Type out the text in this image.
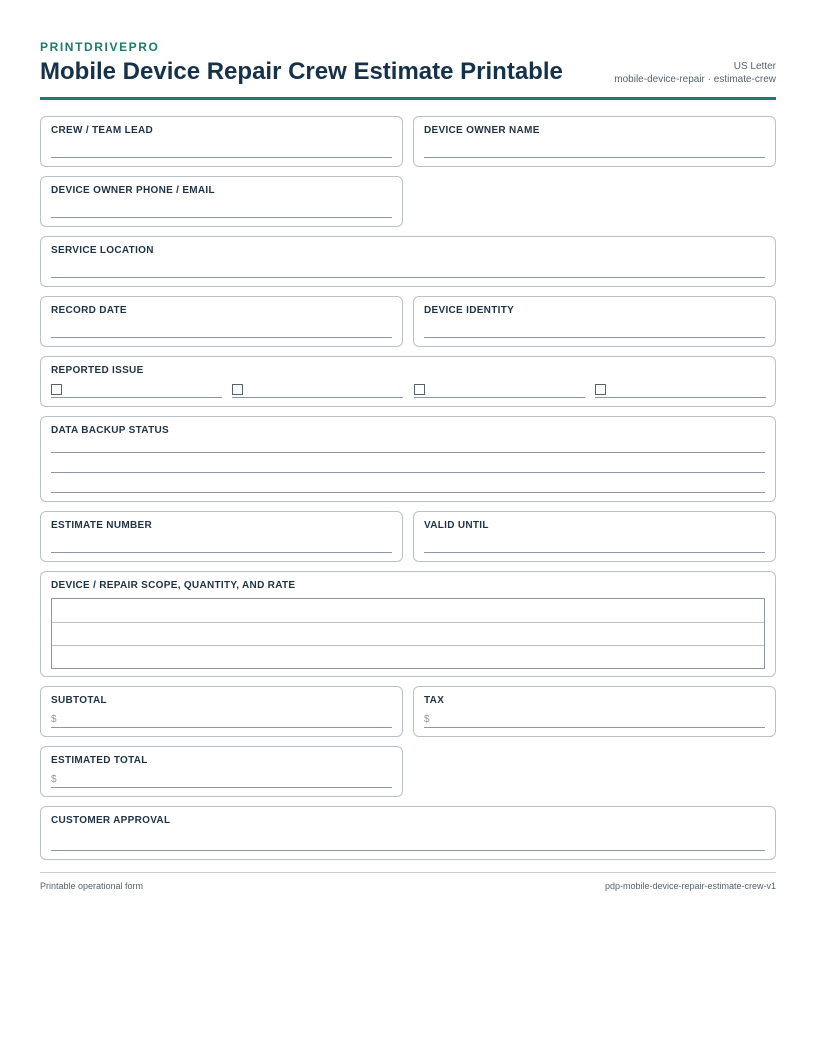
PRINTDRIVEPRO
Mobile Device Repair Crew Estimate Printable	US Letter
mobile-device-repair · estimate-crew
CREW / TEAM LEAD	DEVICE OWNER NAME
DEVICE OWNER PHONE / EMAIL
SERVICE LOCATION
RECORD DATE	DEVICE IDENTITY
REPORTED ISSUE
DATA BACKUP STATUS
ESTIMATE NUMBER	VALID UNTIL
DEVICE / REPAIR SCOPE, QUANTITY, AND RATE
SUBTOTAL
$
TAX
$
ESTIMATED TOTAL
$
CUSTOMER APPROVAL
Printable operational form	pdp-mobile-device-repair-estimate-crew-v1
